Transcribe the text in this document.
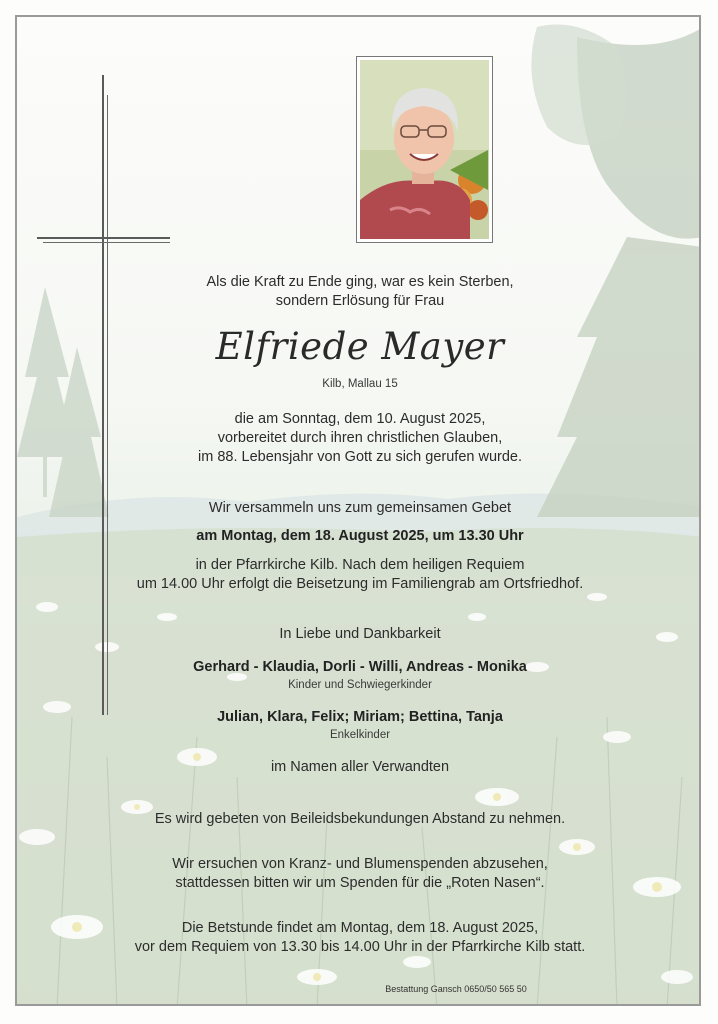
Als die Kraft zu Ende ging, war es kein Sterben,
sondern Erlösung für Frau
Elfriede Mayer
Kilb, Mallau 15
die am Sonntag, dem 10. August 2025,
vorbereitet durch ihren christlichen Glauben,
im 88. Lebensjahr von Gott zu sich gerufen wurde.
Wir versammeln uns zum gemeinsamen Gebet
am Montag, dem 18. August 2025, um 13.30 Uhr
in der Pfarrkirche Kilb. Nach dem heiligen Requiem
um 14.00 Uhr erfolgt die Beisetzung im Familiengrab am Ortsfriedhof.
In Liebe und Dankbarkeit
Gerhard - Klaudia, Dorli - Willi, Andreas - Monika
Kinder und Schwiegerkinder
Julian, Klara, Felix; Miriam; Bettina, Tanja
Enkelkinder
im Namen aller Verwandten
Es wird gebeten von Beileidsbekundungen Abstand zu nehmen.
Wir ersuchen von Kranz- und Blumenspenden abzusehen,
stattdessen bitten wir um Spenden für die „Roten Nasen“.
Die Betstunde findet am Montag, dem 18. August 2025,
vor dem Requiem von 13.30 bis 14.00 Uhr in der Pfarrkirche Kilb statt.
Bestattung Gansch 0650/50 565 50
